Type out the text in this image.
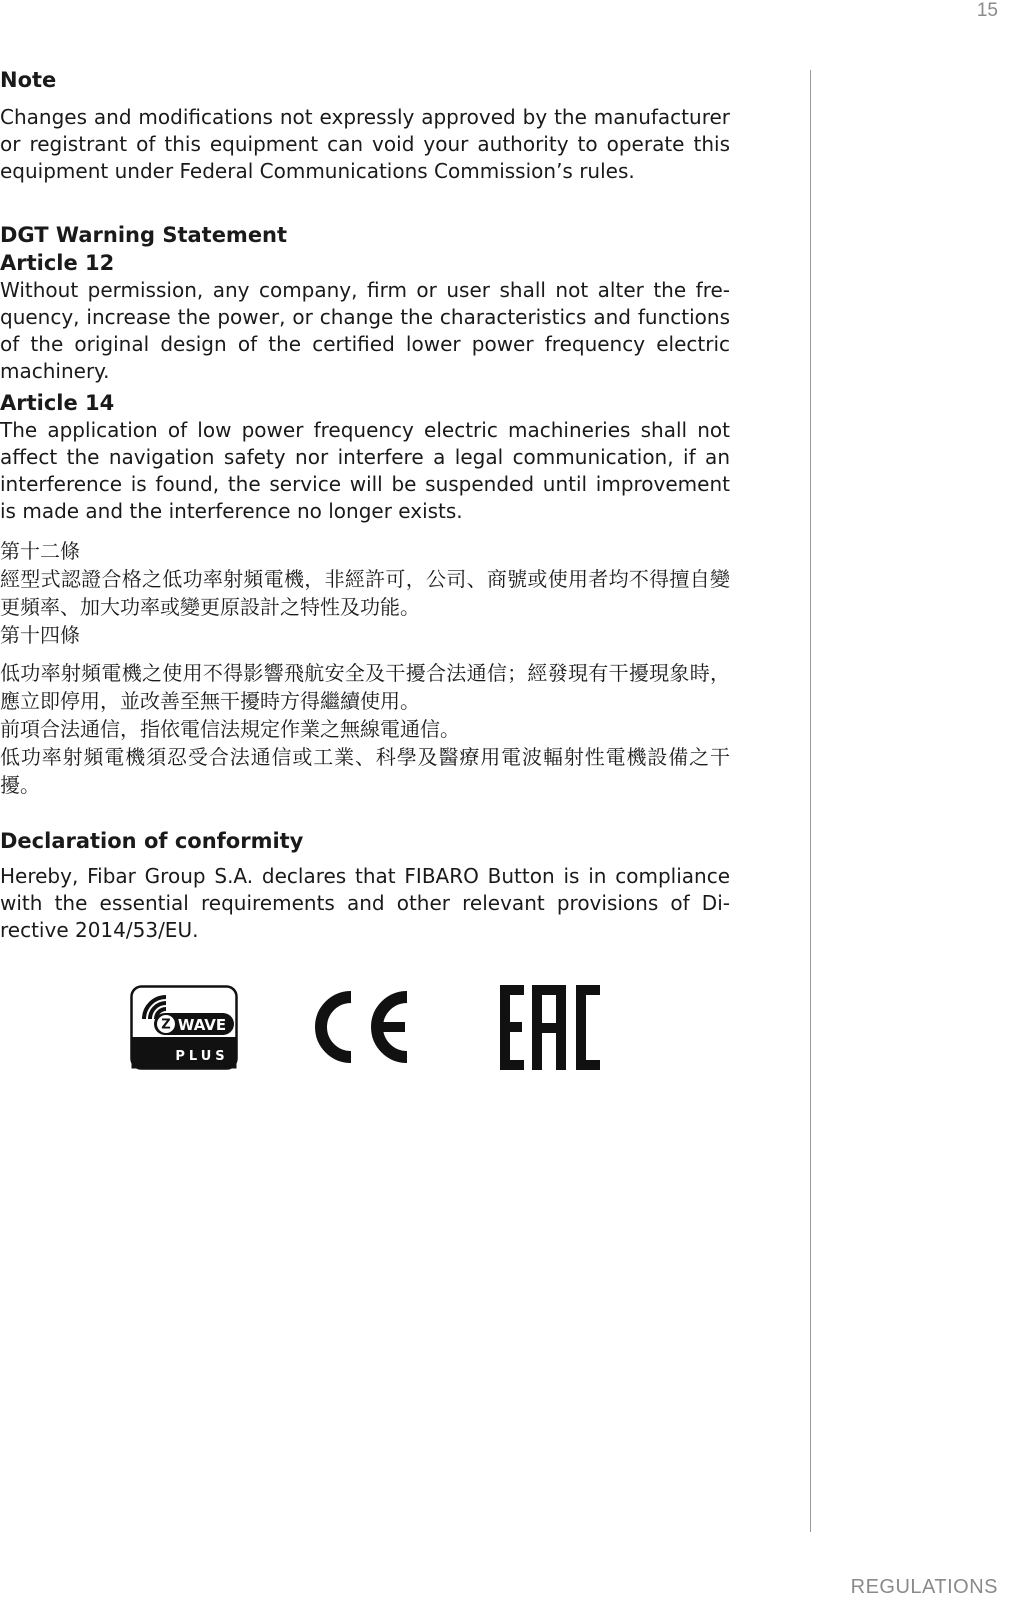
15

Note

Changes and modiﬁcations not expressly approved by the manufacturer or registrant of this equipment can void your authority to operate this equipment under Federal Communications Commission’s rules.

DGT Warning Statement

Article 12

Without permission, any company, ﬁrm or user shall not alter the frequency, increase the power, or change the characteristics and functions of the original design of the certiﬁed lower power frequency electric machinery.

Article 14

The application of low power frequency electric machineries shall not aﬀect the navigation safety nor interfere a legal communication, if an interference is found, the service will be suspended until improvement is made and the interference no longer exists.

第十二條

經型式認證合格之低功率射頻電機，非經許可，公司、商號或使用者均不得擅自變更頻率、加大功率或變更原設計之特性及功能。

第十四條

低功率射頻電機之使用不得影響飛航安全及干擾合法通信；經發現有干擾現象時，應立即停用，並改善至無干擾時方得繼續使用。

前項合法通信，指依電信法規定作業之無線電通信。

低功率射頻電機須忍受合法通信或工業、科學及醫療用電波輻射性電機設備之干擾。

Declaration of conformity

Hereby, Fibar Group S.A. declares that FIBARO Button is in compliance with the essential requirements and other relevant provisions of Directive 2014/53/EU.

Z WAVE
PLUS
REGULATIONS
